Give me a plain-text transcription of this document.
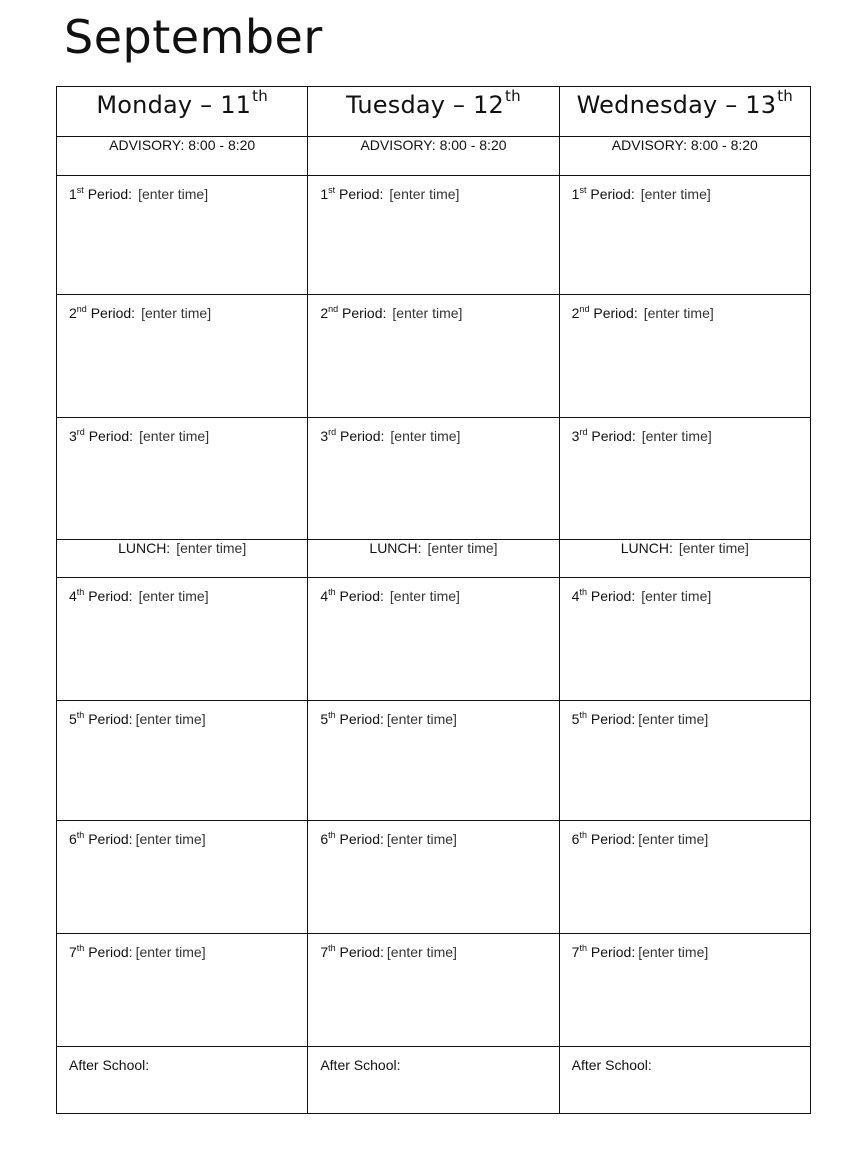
September
Monday – 11th	Tuesday – 12th	Wednesday – 13th
ADVISORY: 8:00 - 8:20	ADVISORY: 8:00 - 8:20	ADVISORY: 8:00 - 8:20

1st Period: [enter time]	1st Period: [enter time]	1st Period: [enter time]

2nd Period: [enter time]	2nd Period: [enter time]	2nd Period: [enter time]

3rd Period: [enter time]	3rd Period: [enter time]	3rd Period: [enter time]

LUNCH: [enter time]	LUNCH: [enter time]	LUNCH: [enter time]

4th Period: [enter time]	4th Period: [enter time]	4th Period: [enter time]

5th Period: [enter time]	5th Period: [enter time]	5th Period: [enter time]

6th Period: [enter time]	6th Period: [enter time]	6th Period: [enter time]

7th Period: [enter time]	7th Period: [enter time]	7th Period: [enter time]

After School:	After School:	After School:
